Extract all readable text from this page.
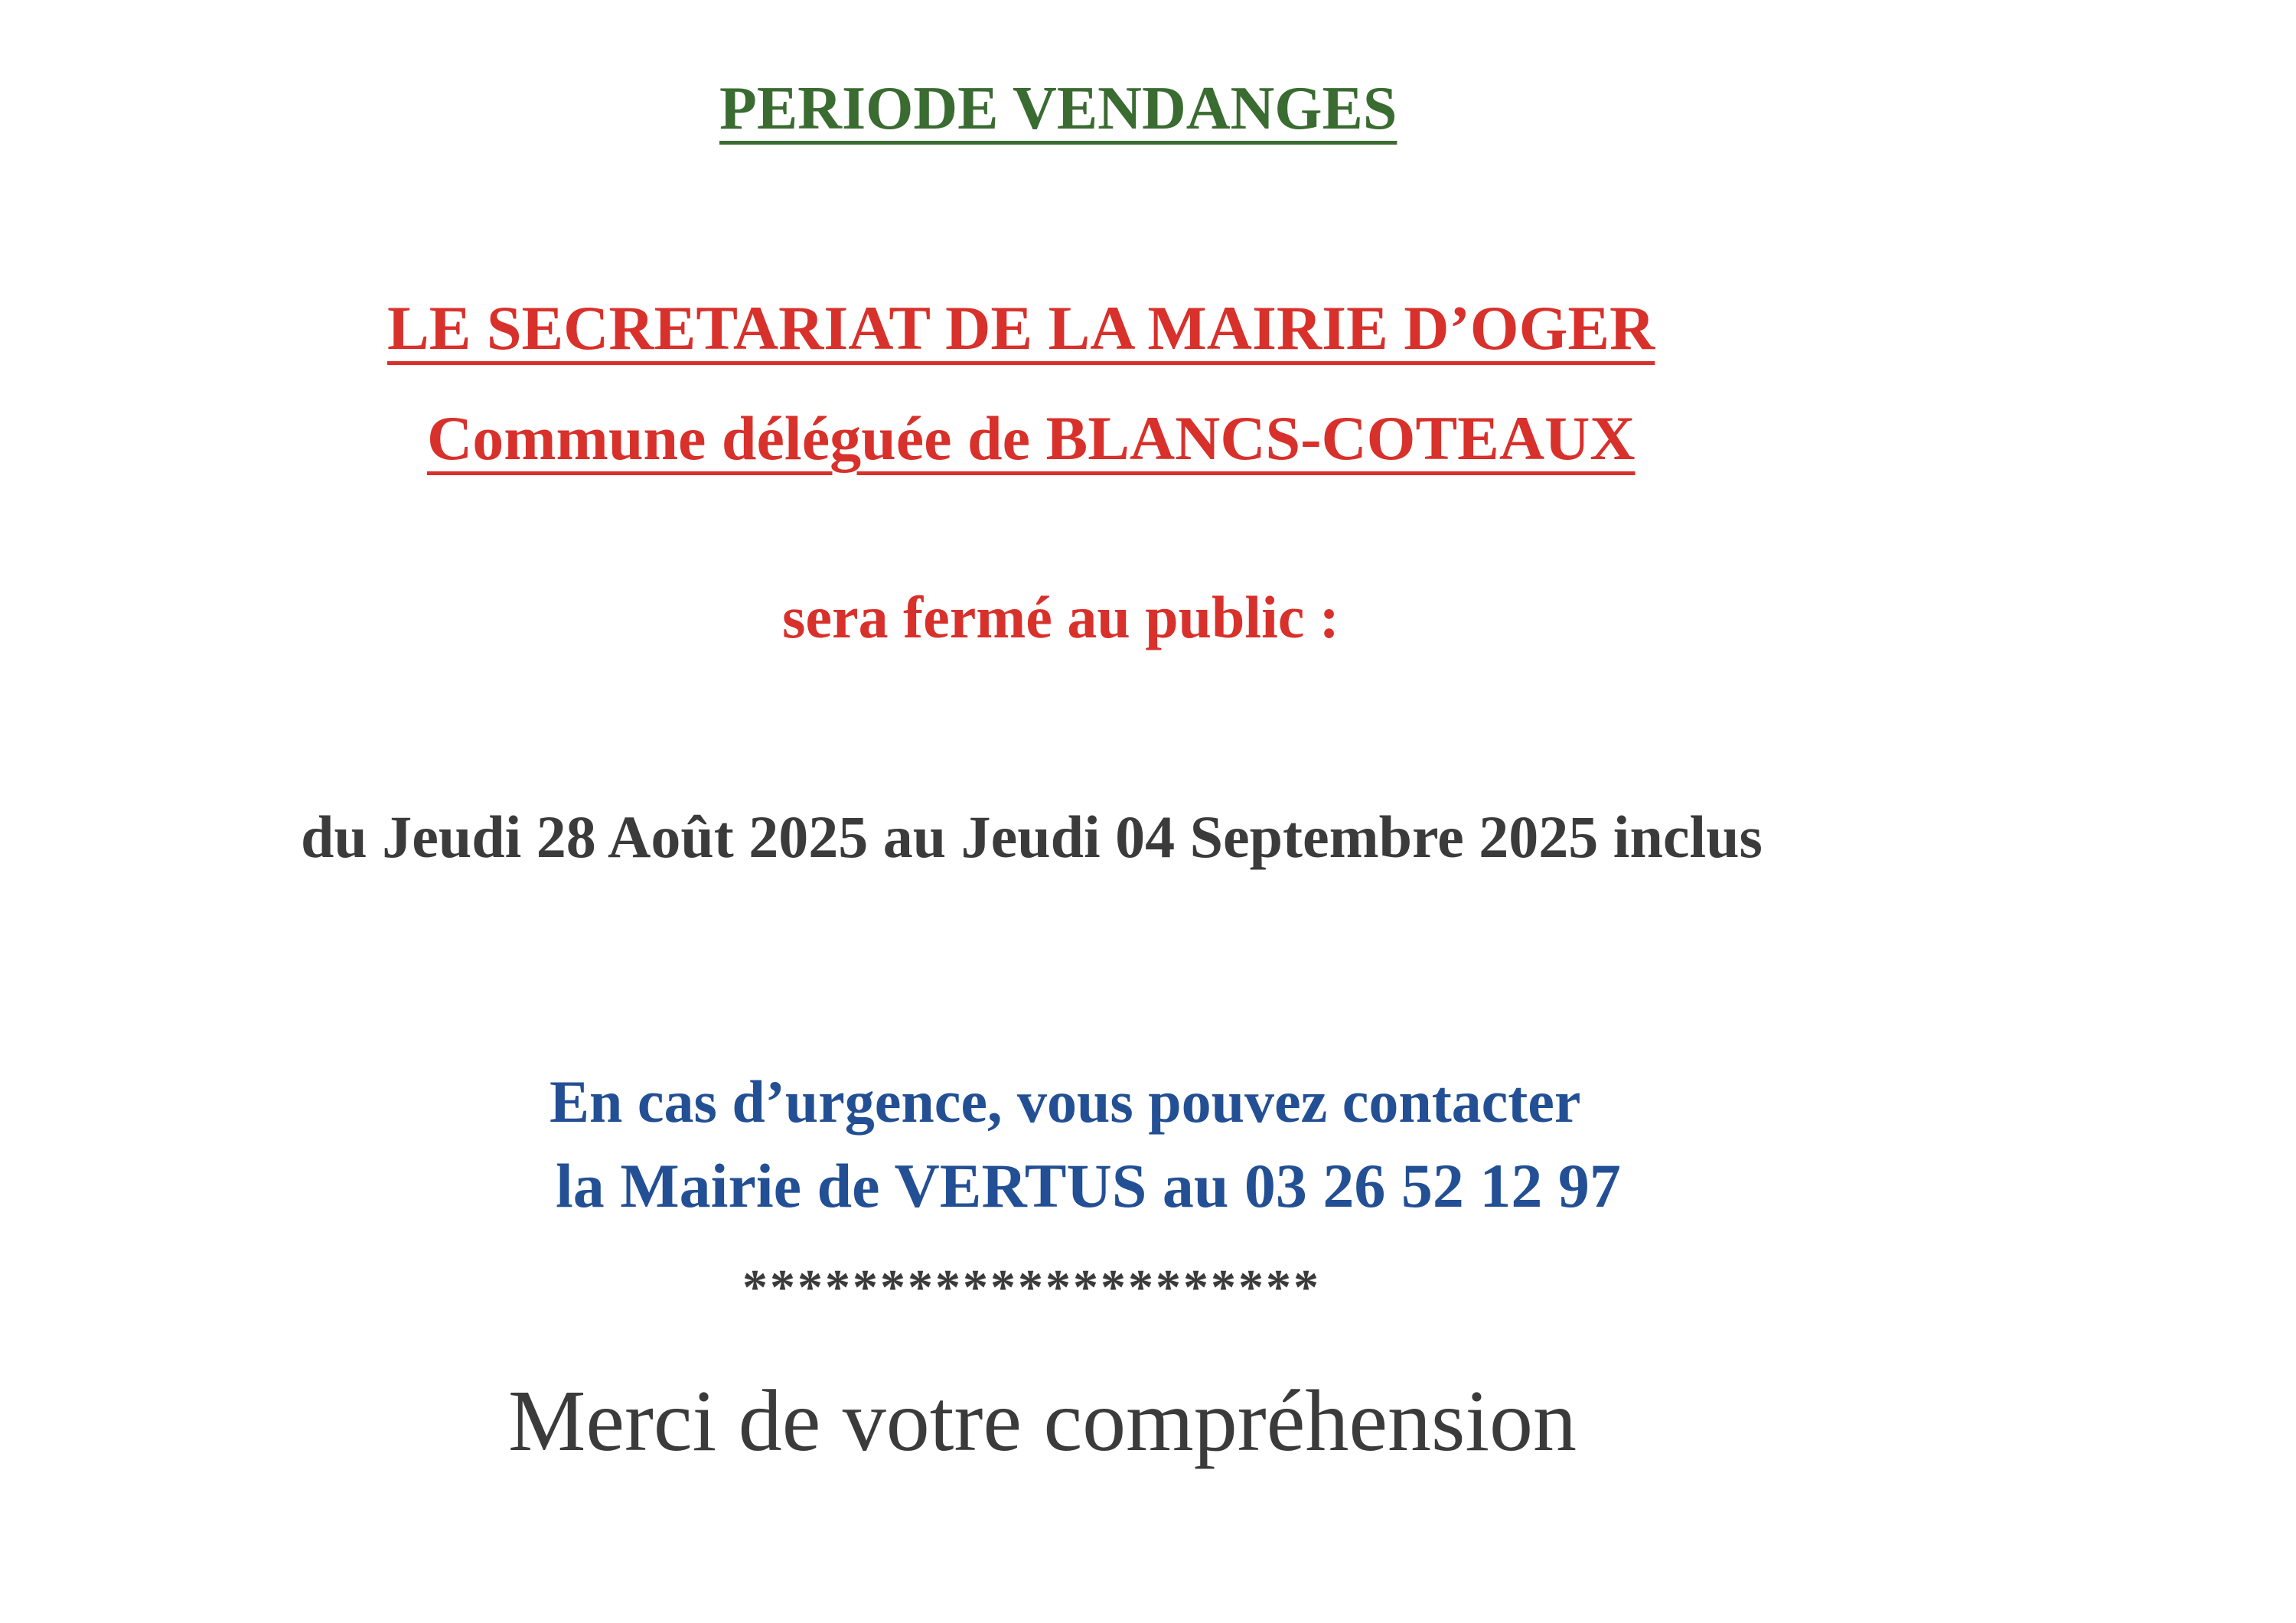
PERIODE VENDANGES
LE SECRETARIAT DE LA MAIRIE D’OGER
Commune déléguée de BLANCS-COTEAUX
sera fermé au public :
du Jeudi 28 Août 2025 au Jeudi 04 Septembre 2025 inclus
En cas d’urgence, vous pouvez contacter
la Mairie de VERTUS au 03 26 52 12 97
*********************
Merci de votre compréhension
